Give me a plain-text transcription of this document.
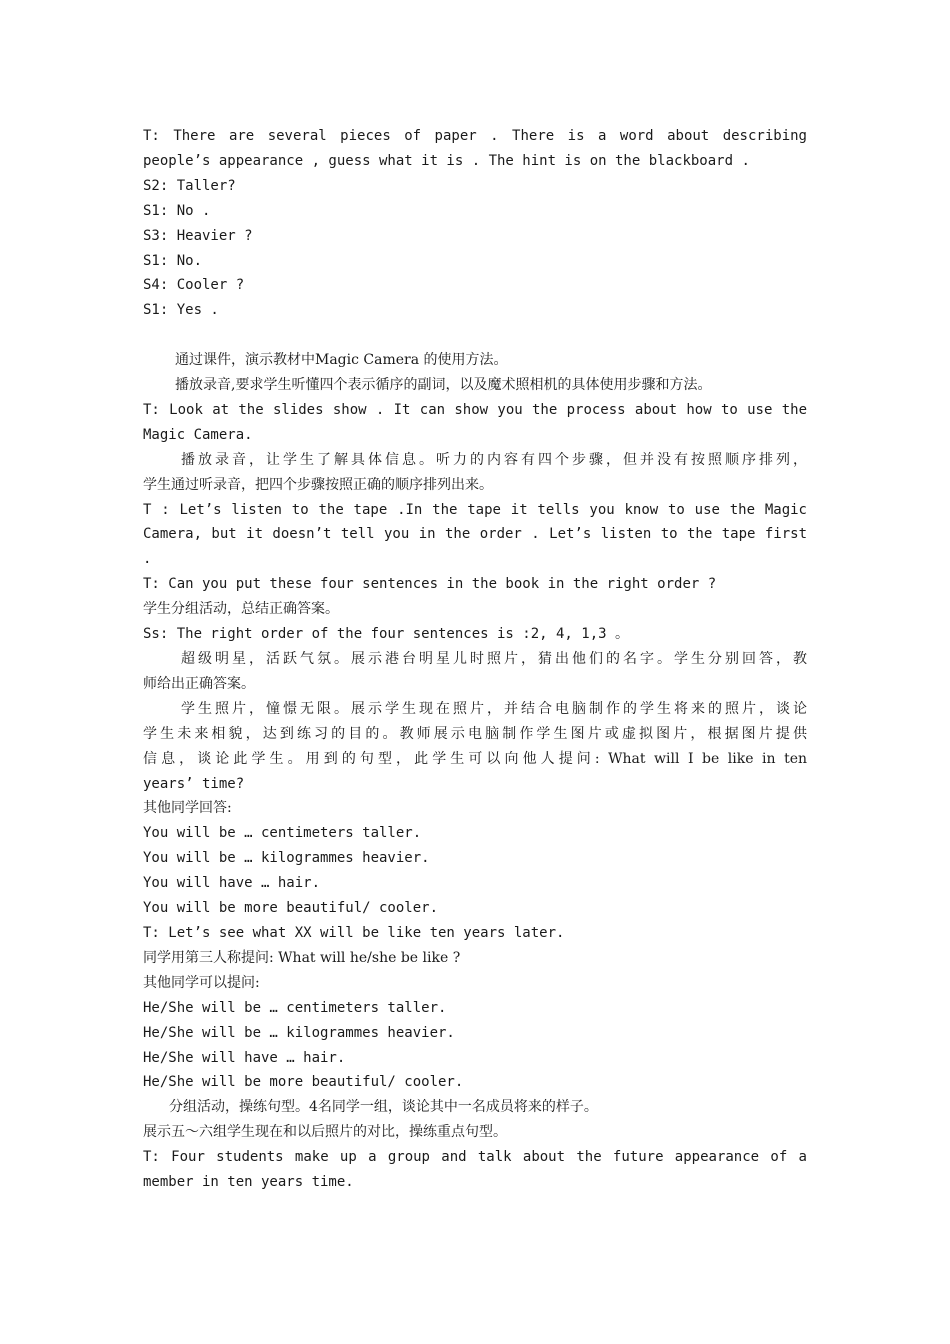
T: There are several pieces of paper . There is a word about describing
people’s appearance , guess what it is . The hint is on the blackboard .
S2: Taller?
S1: No .
S3: Heavier ?
S1: No.
S4: Cooler ?
S1: Yes .
通过课件，演示教材中Magic Camera 的使用方法。
播放录音,要求学生听懂四个表示循序的副词，以及魔术照相机的具体使用步骤和方法。
T: Look at the slides show . It can show you the process about how to use the
Magic Camera.
播放录音，让学生了解具体信息。听力的内容有四个步骤，但并没有按照顺序排列，
学生通过听录音，把四个步骤按照正确的顺序排列出来。
T : Let’s listen to the tape .In the tape it tells you know to use the Magic
Camera, but it doesn’t tell you in the order . Let’s listen to the tape first
.
T: Can you put these four sentences in the book in the right order ?
学生分组活动，总结正确答案。
Ss: The right order of the four sentences is :2, 4, 1,3 。
超级明星，活跃气氛。展示港台明星儿时照片，猜出他们的名字。学生分别回答，教
师给出正确答案。
学生照片，憧憬无限。展示学生现在照片，并结合电脑制作的学生将来的照片，谈论
学生未来相貌，达到练习的目的。教师展示电脑制作学生图片或虚拟图片，根据图片提供
信息，谈论此学生。用到的句型，此学生可以向他人提问: What will I be like in ten
years’ time?
其他同学回答:
You will be … centimeters taller.
You will be … kilogrammes heavier.
You will have … hair.
You will be more beautiful/ cooler.
T: Let’s see what XX will be like ten years later.
同学用第三人称提问: What will he/she be like ?
其他同学可以提问:
He/She will be … centimeters taller.
He/She will be … kilogrammes heavier.
He/She will have … hair.
He/She will be more beautiful/ cooler.
分组活动，操练句型。4名同学一组，谈论其中一名成员将来的样子。
展示五～六组学生现在和以后照片的对比，操练重点句型。
T: Four students make up a group and talk about the future appearance of a
member in ten years time.
